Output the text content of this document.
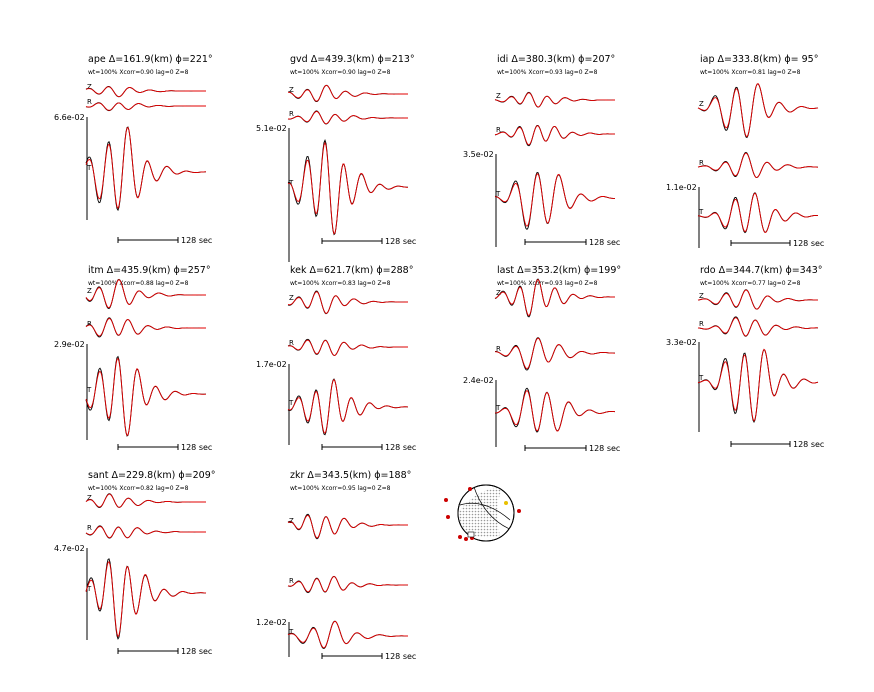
ape Δ=161.9(km) ϕ=221°
wt=100% Xcorr=0.90 lag=0 Z=8
6.6e-02
Z
R
T
128 sec
gvd Δ=439.3(km) ϕ=213°
wt=100% Xcorr=0.90 lag=0 Z=8
5.1e-02
Z
R
T
128 sec
idi Δ=380.3(km) ϕ=207°
wt=100% Xcorr=0.93 lag=0 Z=8
3.5e-02
Z
R
T
128 sec
iap Δ=333.8(km) ϕ= 95°
wt=100% Xcorr=0.81 lag=0 Z=8
1.1e-02
Z
R
T
128 sec
itm Δ=435.9(km) ϕ=257°
wt=100% Xcorr=0.88 lag=0 Z=8
2.9e-02
Z
R
T
128 sec
kek Δ=621.7(km) ϕ=288°
wt=100% Xcorr=0.83 lag=0 Z=8
1.7e-02
Z
R
T
128 sec
last Δ=353.2(km) ϕ=199°
wt=100% Xcorr=0.93 lag=0 Z=8
2.4e-02
Z
R
T
128 sec
rdo Δ=344.7(km) ϕ=343°
wt=100% Xcorr=0.77 lag=0 Z=8
3.3e-02
Z
R
T
128 sec
sant Δ=229.8(km) ϕ=209°
wt=100% Xcorr=0.82 lag=0 Z=8
4.7e-02
Z
R
T
128 sec
zkr Δ=343.5(km) ϕ=188°
wt=100% Xcorr=0.95 lag=0 Z=8
1.2e-02
Z
R
T
128 sec
